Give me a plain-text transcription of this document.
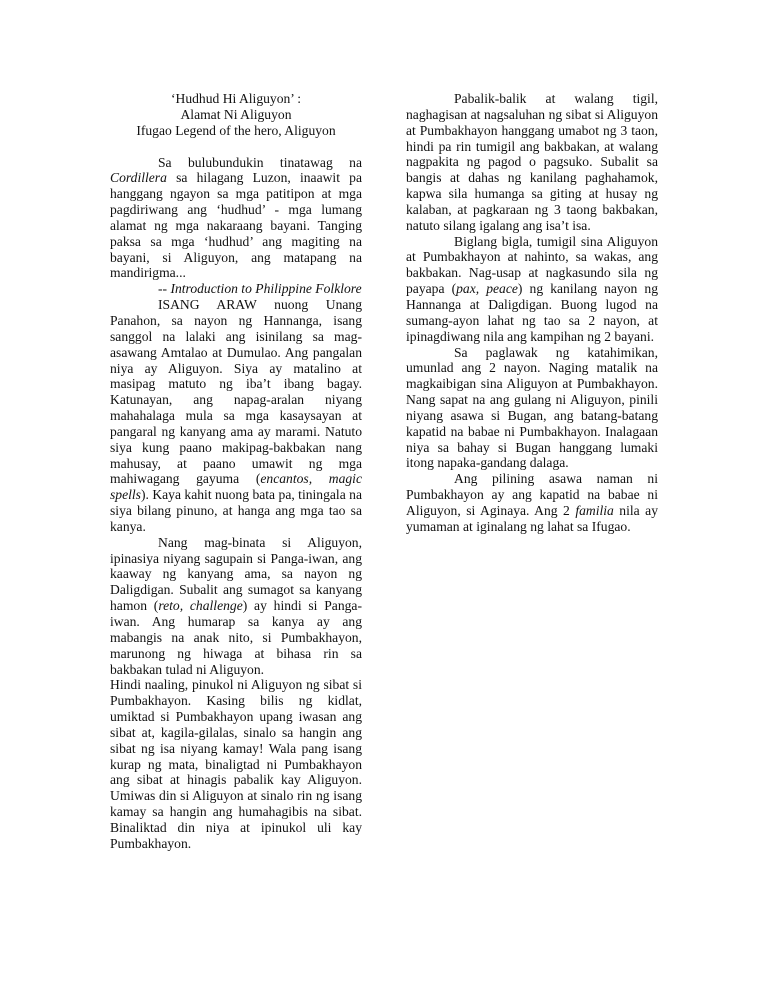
‘Hudhud Hi Aliguyon’ :
Alamat Ni Aliguyon
Ifugao Legend of the hero, Aliguyon

Sa bulubundukin tinatawag na Cordillera sa hilagang Luzon, inaawit pa hanggang ngayon sa mga patitipon at mga pagdiriwang ang ‘hudhud’ - mga lumang alamat ng mga nakaraang bayani. Tanging paksa sa mga ‘hudhud’ ang magiting na bayani, si Aliguyon, ang matapang na mandirigma...

-- Introduction to Philippine Folklore

ISANG ARAW nuong Unang Panahon, sa nayon ng Hannanga, isang sanggol na lalaki ang isinilang sa mag-asawang Amtalao at Dumulao. Ang pangalan niya ay Aliguyon. Siya ay matalino at masipag matuto ng iba’t ibang bagay. Katunayan, ang napag-aralan niyang mahahalaga mula sa mga kasaysayan at pangaral ng kanyang ama ay marami. Natuto siya kung paano makipag-bakbakan nang mahusay, at paano umawit ng mga mahiwagang gayuma (encantos, magic spells). Kaya kahit nuong bata pa, tiningala na siya bilang pinuno, at hanga ang mga tao sa kanya.

Nang mag-binata si Aliguyon, ipinasiya niyang sagupain si Panga-iwan, ang kaaway ng kanyang ama, sa nayon ng Daligdigan. Subalit ang sumagot sa kanyang hamon (reto, challenge) ay hindi si Panga-iwan. Ang humarap sa kanya ay ang mabangis na anak nito, si Pumbakhayon, marunong ng hiwaga at bihasa rin sa bakbakan tulad ni Aliguyon.

Hindi naaling, pinukol ni Aliguyon ng sibat si Pumbakhayon. Kasing bilis ng kidlat, umiktad si Pumbakhayon upang iwasan ang sibat at, kagila-gilalas, sinalo sa hangin ang sibat ng isa niyang kamay! Wala pang isang kurap ng mata, binaligtad ni Pumbakhayon ang sibat at hinagis pabalik kay Aliguyon. Umiwas din si Aliguyon at sinalo rin ng isang kamay sa hangin ang humahagibis na sibat. Binaliktad din niya at ipinukol uli kay Pumbakhayon.

Pabalik-balik at walang tigil, naghagisan at nagsaluhan ng sibat si Aliguyon at Pumbakhayon hanggang umabot ng 3 taon, hindi pa rin tumigil ang bakbakan, at walang nagpakita ng pagod o pagsuko. Subalit sa bangis at dahas ng kanilang paghahamok, kapwa sila humanga sa giting at husay ng kalaban, at pagkaraan ng 3 taong bakbakan, natuto silang igalang ang isa’t isa.

Biglang bigla, tumigil sina Aliguyon at Pumbakhayon at nahinto, sa wakas, ang bakbakan. Nag-usap at nagkasundo sila ng payapa (pax, peace) ng kanilang nayon ng Hannanga at Daligdigan. Buong lugod na sumang-ayon lahat ng tao sa 2 nayon, at ipinagdiwang nila ang kampihan ng 2 bayani.

Sa paglawak ng katahimikan, umunlad ang 2 nayon. Naging matalik na magkaibigan sina Aliguyon at Pumbakhayon. Nang sapat na ang gulang ni Aliguyon, pinili niyang asawa si Bugan, ang batang-batang kapatid na babae ni Pumbakhayon. Inalagaan niya sa bahay si Bugan hanggang lumaki itong napaka-gandang dalaga.

Ang pilining asawa naman ni Pumbakhayon ay ang kapatid na babae ni Aliguyon, si Aginaya. Ang 2 familia nila ay yumaman at iginalang ng lahat sa Ifugao.
